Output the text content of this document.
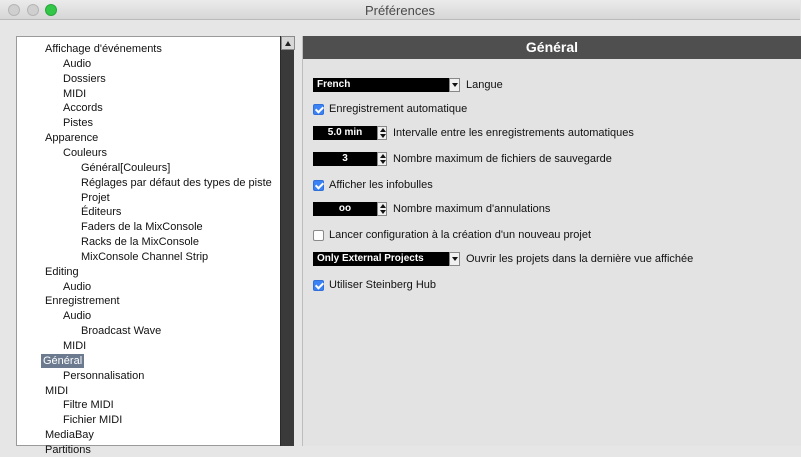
Préférences
Affichage d'événements
Audio
Dossiers
MIDI
Accords
Pistes
Apparence
Couleurs
Général[Couleurs]
Réglages par défaut des types de piste
Projet
Éditeurs
Faders de la MixConsole
Racks de la MixConsole
MixConsole Channel Strip
Editing
Audio
Enregistrement
Audio
Broadcast Wave
MIDI
Général
Personnalisation
MIDI
Filtre MIDI
Fichier MIDI
MediaBay
Partitions
Général
French	Langue
Enregistrement automatique
5.0 min	Intervalle entre les enregistrements automatiques
3	Nombre maximum de fichiers de sauvegarde
Afficher les infobulles
oo	Nombre maximum d'annulations
Lancer configuration à la création d'un nouveau projet
Only External Projects	Ouvrir les projets dans la dernière vue affichée
Utiliser Steinberg Hub
